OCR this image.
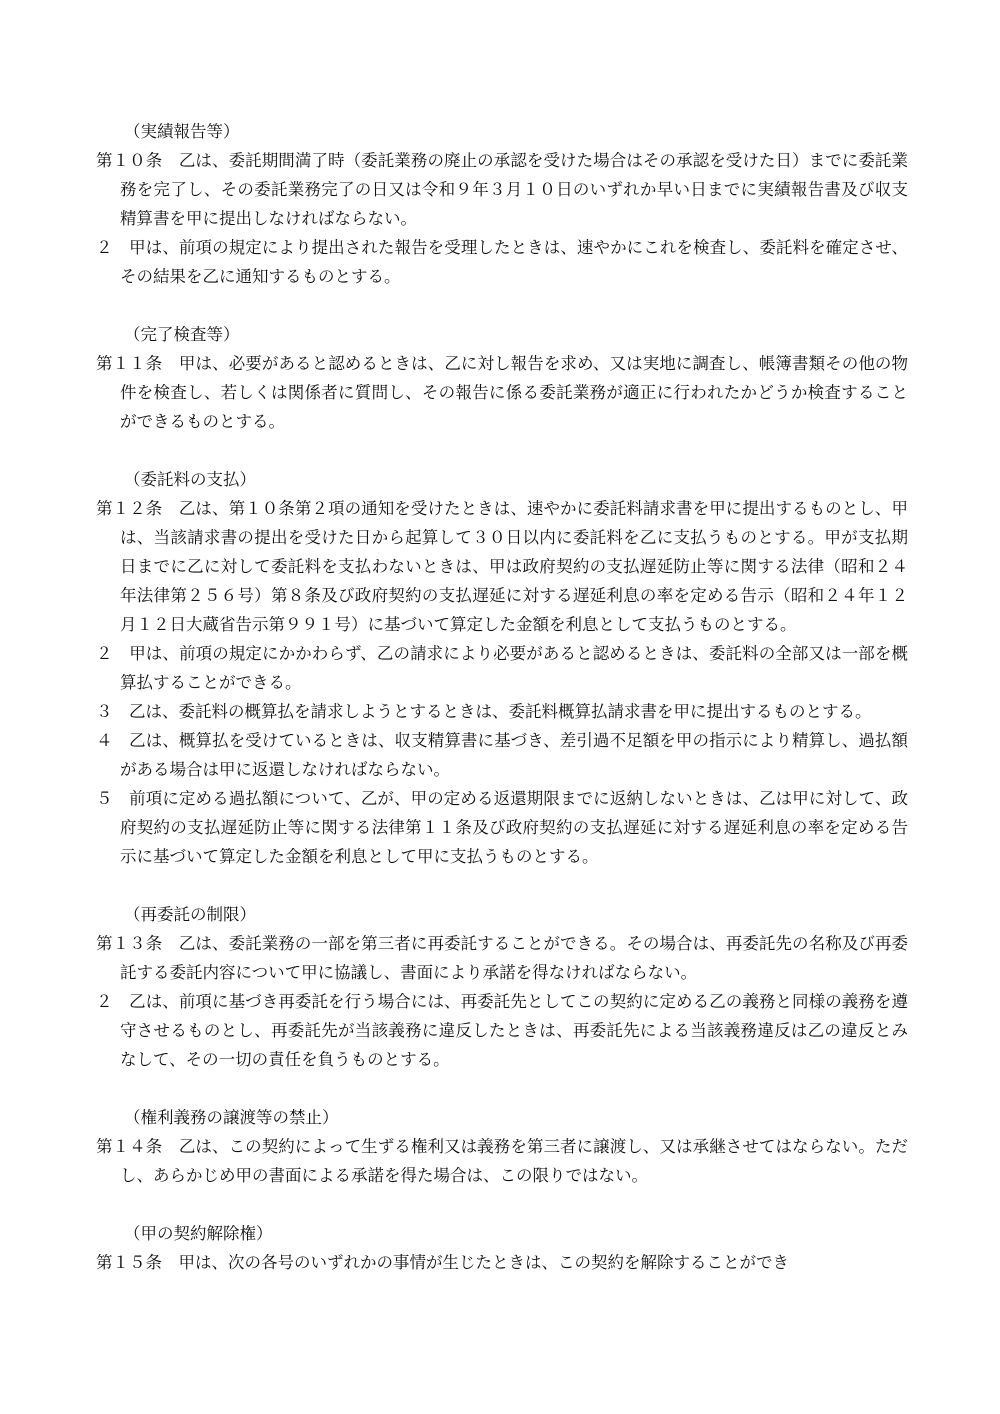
（実績報告等）
第１０条　乙は、委託期間満了時（委託業務の廃止の承認を受けた場合はその承認を受けた日）までに委託業務を完了し、その委託業務完了の日又は令和９年３月１０日のいずれか早い日までに実績報告書及び収支精算書を甲に提出しなければならない。
２　甲は、前項の規定により提出された報告を受理したときは、速やかにこれを検査し、委託料を確定させ、その結果を乙に通知するものとする。
（完了検査等）
第１１条　甲は、必要があると認めるときは、乙に対し報告を求め、又は実地に調査し、帳簿書類その他の物件を検査し、若しくは関係者に質問し、その報告に係る委託業務が適正に行われたかどうか検査することができるものとする。
（委託料の支払）
第１２条　乙は、第１０条第２項の通知を受けたときは、速やかに委託料請求書を甲に提出するものとし、甲は、当該請求書の提出を受けた日から起算して３０日以内に委託料を乙に支払うものとする。甲が支払期日までに乙に対して委託料を支払わないときは、甲は政府契約の支払遅延防止等に関する法律（昭和２４年法律第２５６号）第８条及び政府契約の支払遅延に対する遅延利息の率を定める告示（昭和２４年１２月１２日大蔵省告示第９９１号）に基づいて算定した金額を利息として支払うものとする。
２　甲は、前項の規定にかかわらず、乙の請求により必要があると認めるときは、委託料の全部又は一部を概算払することができる。
３　乙は、委託料の概算払を請求しようとするときは、委託料概算払請求書を甲に提出するものとする。
４　乙は、概算払を受けているときは、収支精算書に基づき、差引過不足額を甲の指示により精算し、過払額がある場合は甲に返還しなければならない。
５　前項に定める過払額について、乙が、甲の定める返還期限までに返納しないときは、乙は甲に対して、政府契約の支払遅延防止等に関する法律第１１条及び政府契約の支払遅延に対する遅延利息の率を定める告示に基づいて算定した金額を利息として甲に支払うものとする。
（再委託の制限）
第１３条　乙は、委託業務の一部を第三者に再委託することができる。その場合は、再委託先の名称及び再委託する委託内容について甲に協議し、書面により承諾を得なければならない。
２　乙は、前項に基づき再委託を行う場合には、再委託先としてこの契約に定める乙の義務と同様の義務を遵守させるものとし、再委託先が当該義務に違反したときは、再委託先による当該義務違反は乙の違反とみなして、その一切の責任を負うものとする。
（権利義務の譲渡等の禁止）
第１４条　乙は、この契約によって生ずる権利又は義務を第三者に譲渡し、又は承継させてはならない。ただし、あらかじめ甲の書面による承諾を得た場合は、この限りではない。
（甲の契約解除権）
第１５条　甲は、次の各号のいずれかの事情が生じたときは、この契約を解除することができ
